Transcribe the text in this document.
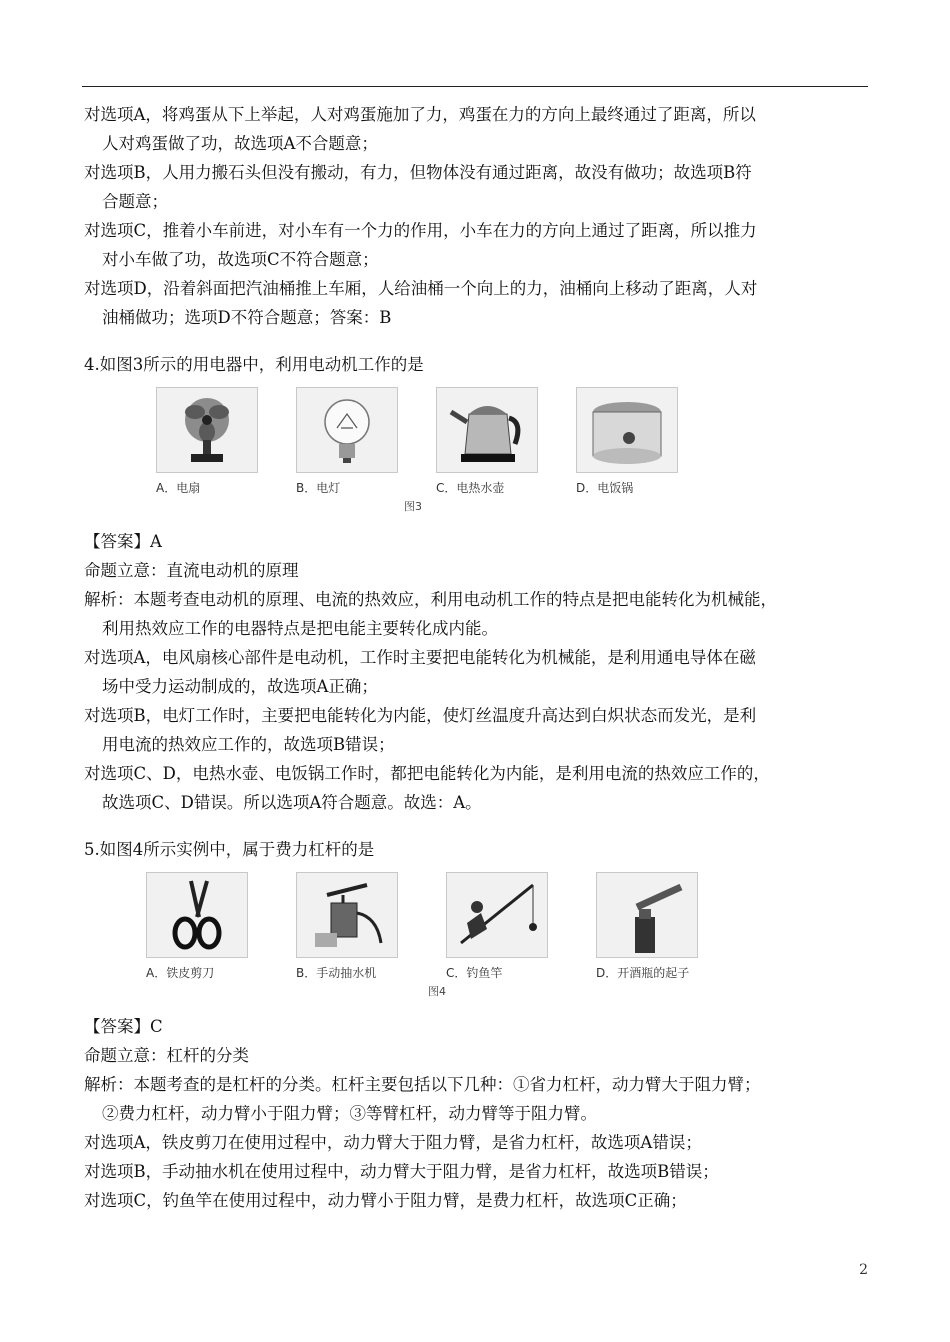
对选项A，将鸡蛋从下上举起，人对鸡蛋施加了力，鸡蛋在力的方向上最终通过了距离，所以
人对鸡蛋做了功，故选项A不合题意；
对选项B，人用力搬石头但没有搬动，有力，但物体没有通过距离，故没有做功；故选项B符
合题意；
对选项C，推着小车前进，对小车有一个力的作用，小车在力的方向上通过了距离，所以推力
对小车做了功，故选项C不符合题意；
对选项D，沿着斜面把汽油桶推上车厢，人给油桶一个向上的力，油桶向上移动了距离，人对
油桶做功；选项D不符合题意；答案：B
4.如图3所示的用电器中，利用电动机工作的是
A．电扇	B．电灯	C．电热水壶	D．电饭锅
图3
【答案】A
命题立意：直流电动机的原理
解析：本题考查电动机的原理、电流的热效应，利用电动机工作的特点是把电能转化为机械能，
利用热效应工作的电器特点是把电能主要转化成内能。
对选项A，电风扇核心部件是电动机，工作时主要把电能转化为机械能，是利用通电导体在磁
场中受力运动制成的，故选项A正确；
对选项B，电灯工作时，主要把电能转化为内能，使灯丝温度升高达到白炽状态而发光，是利
用电流的热效应工作的，故选项B错误；
对选项C、D，电热水壶、电饭锅工作时，都把电能转化为内能，是利用电流的热效应工作的，
故选项C、D错误。所以选项A符合题意。故选：A。
5.如图4所示实例中，属于费力杠杆的是
A．铁皮剪刀	B．手动抽水机	C．钓鱼竿	D．开酒瓶的起子
图4
【答案】C
命题立意：杠杆的分类
解析：本题考查的是杠杆的分类。杠杆主要包括以下几种：①省力杠杆，动力臂大于阻力臂；
②费力杠杆，动力臂小于阻力臂；③等臂杠杆，动力臂等于阻力臂。
对选项A，铁皮剪刀在使用过程中，动力臂大于阻力臂，是省力杠杆，故选项A错误；
对选项B，手动抽水机在使用过程中，动力臂大于阻力臂，是省力杠杆，故选项B错误；
对选项C，钓鱼竿在使用过程中，动力臂小于阻力臂，是费力杠杆，故选项C正确；
2
